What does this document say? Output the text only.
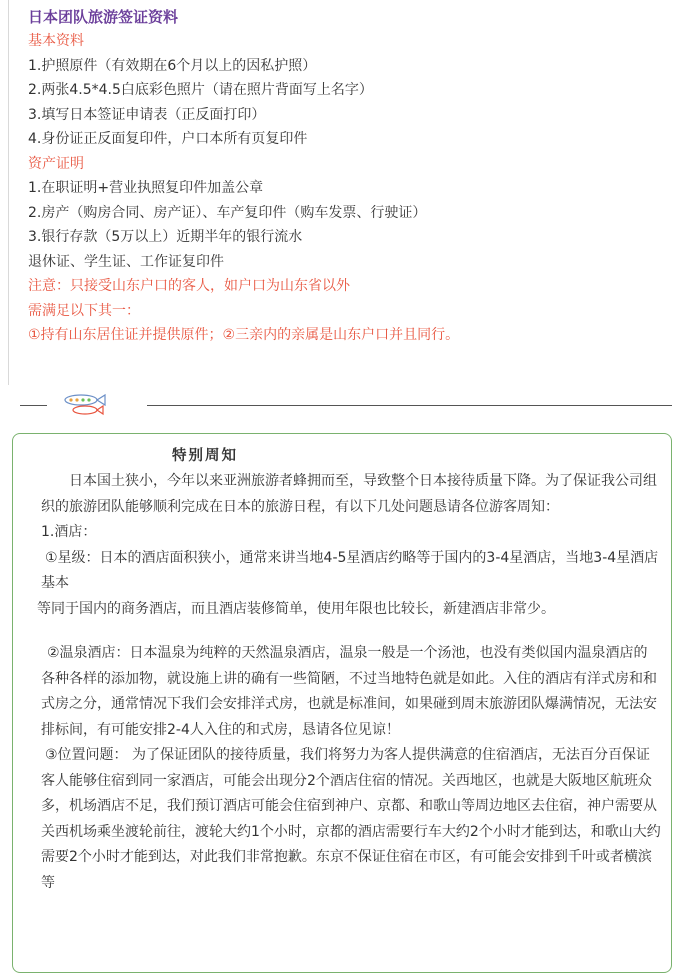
日本团队旅游签证资料

基本资料

1.护照原件（有效期在6个月以上的因私护照）

2.两张4.5*4.5白底彩色照片（请在照片背面写上名字）

3.填写日本签证申请表（正反面打印）

4.身份证正反面复印件，户口本所有页复印件

资产证明

1.在职证明+营业执照复印件加盖公章

2.房产（购房合同、房产证）、车产复印件（购车发票、行驶证）

3.银行存款（5万以上）近期半年的银行流水

退休证、学生证、工作证复印件

注意：只接受山东户口的客人，如户口为山东省以外

需满足以下其一：

①持有山东居住证并提供原件；②三亲内的亲属是山东户口并且同行。

特别周知

日本国土狭小，今年以来亚洲旅游者蜂拥而至，导致整个日本接待质量下降。为了保证我公司组织的旅游团队能够顺利完成在日本的旅游日程，有以下几处问题恳请各位游客周知：

1.酒店：

①星级：日本的酒店面积狭小，通常来讲当地4-5星酒店约略等于国内的3-4星酒店，当地3-4星酒店基本

等同于国内的商务酒店，而且酒店装修简单，使用年限也比较长，新建酒店非常少。

②温泉酒店：日本温泉为纯粹的天然温泉酒店，温泉一般是一个汤池，也没有类似国内温泉酒店的各种各样的添加物，就设施上讲的确有一些简陋，不过当地特色就是如此。入住的酒店有洋式房和和式房之分，通常情况下我们会安排洋式房，也就是标准间，如果碰到周末旅游团队爆满情况，无法安排标间，有可能安排2-4人入住的和式房，恳请各位见谅！

③位置问题： 为了保证团队的接待质量，我们将努力为客人提供满意的住宿酒店，无法百分百保证客人能够住宿到同一家酒店，可能会出现分2个酒店住宿的情况。关西地区，也就是大阪地区航班众多，机场酒店不足，我们预订酒店可能会住宿到神户、京都、和歌山等周边地区去住宿，神户需要从关西机场乘坐渡轮前往，渡轮大约1个小时，京都的酒店需要行车大约2个小时才能到达，和歌山大约需要2个小时才能到达，对此我们非常抱歉。东京不保证住宿在市区，有可能会安排到千叶或者横滨等
